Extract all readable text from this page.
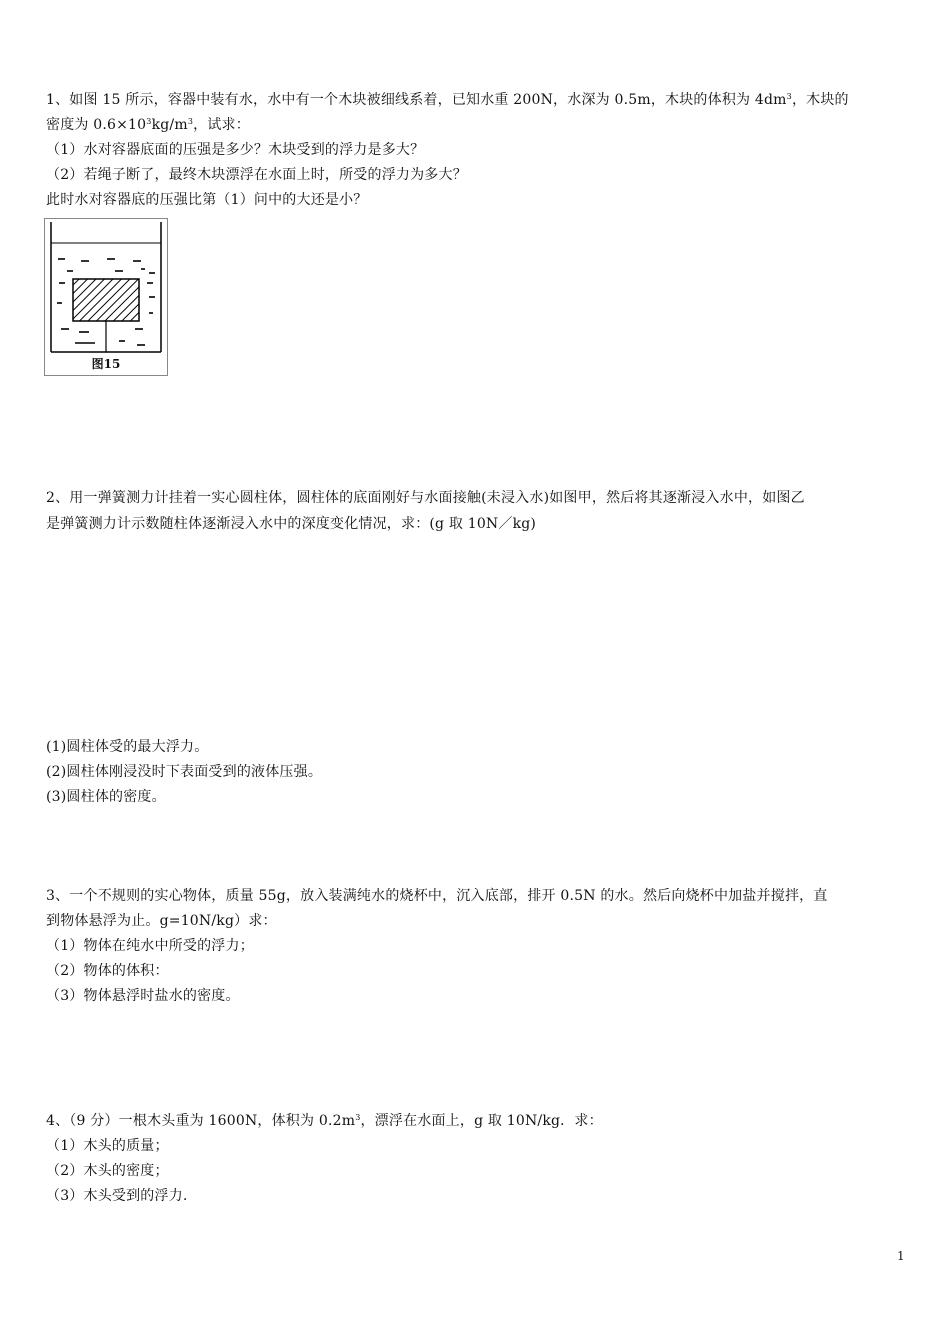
1、如图 15 所示，容器中装有水，水中有一个木块被细线系着，已知水重 200N，水深为 0.5m，木块的体积为 $4dm^3$，木块的
密度为 $0.6\times 10^3kg/m^3$，试求：
（1）水对容器底面的压强是多少？木块受到的浮力是多大？
（2）若绳子断了，最终木块漂浮在水面上时，所受的浮力为多大？
此时水对容器底的压强比第（1）问中的大还是小？
图15
2、用一弹簧测力计挂着一实心圆柱体，圆柱体的底面刚好与水面接触(未浸入水)如图甲，然后将其逐渐浸入水中，如图乙
是弹簧测力计示数随柱体逐渐浸入水中的深度变化情况，求：(g 取 10N／kg)
(1)圆柱体受的最大浮力。
(2)圆柱体刚浸没时下表面受到的液体压强。
(3)圆柱体的密度。
3、一个不规则的实心物体，质量 55g，放入装满纯水的烧杯中，沉入底部，排开 0.5N 的水。然后向烧杯中加盐并搅拌，直
到物体悬浮为止。g=10N/kg）求：
（1）物体在纯水中所受的浮力；
（2）物体的体积：
（3）物体悬浮时盐水的密度。
4、（9 分）一根木头重为 1600N，体积为 $0.2m^3$，漂浮在水面上，g 取 10N/kg．求：
（1）木头的质量；
（2）木头的密度；
（3）木头受到的浮力.
1
